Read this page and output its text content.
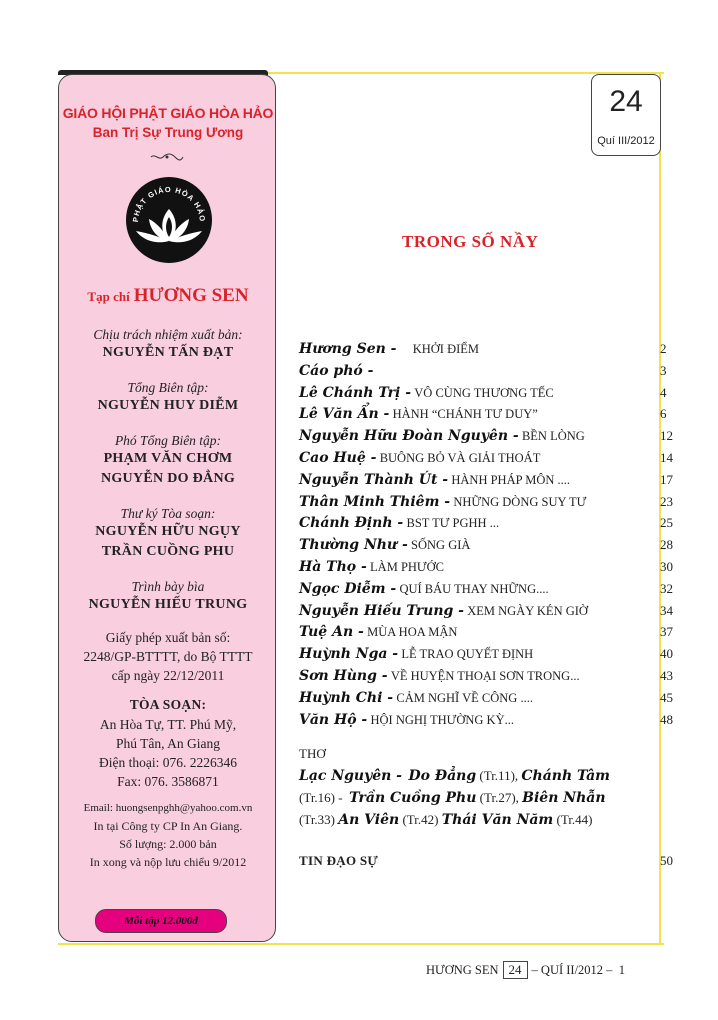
GIÁO HỘI PHẬT GIÁO HÒA HẢO
Ban Trị Sự Trung Ương
PHẬT GIÁO HÒA HẢO
Tạp chí HƯƠNG SEN
Chịu trách nhiệm xuất bản:
NGUYỄN TẤN ĐẠT
Tổng Biên tập:
NGUYỄN HUY DIỄM
Phó Tổng Biên tập:
PHẠM VĂN CHƠM
NGUYỄN DO ĐẲNG
Thư ký Tòa soạn:
NGUYỄN HỮU NGỤY
TRẦN CUỒNG PHU
Trình bày bìa
NGUYỄN HIẾU TRUNG
Giấy phép xuất bản số:
2248/GP-BTTTT, do Bộ TTTT
cấp ngày 22/12/2011
TÒA SOẠN:
An Hòa Tự, TT. Phú Mỹ,
Phú Tân, An Giang
Điện thoại: 076. 2226346
Fax: 076. 3586871
Email: huongsenpghh@yahoo.com.vn
In tại Công ty CP In An Giang.
Số lượng: 2.000 bản
In xong và nộp lưu chiểu 9/2012
Mỗi tập 12.000đ
24
Quí III/2012
TRONG SỐ NẦY
Hương Sen - KHỞI ĐIỂM	2
Cáo phó -	3
Lê Chánh Trị - VÔ CÙNG THƯƠNG TẾC	4
Lê Văn Ẩn - HÀNH “CHÁNH TƯ DUY”	6
Nguyễn Hữu Đoàn Nguyên - BỀN LÒNG	12
Cao Huệ - BUÔNG BỎ VÀ GIẢI THOÁT	14
Nguyễn Thành Út - HÀNH PHÁP MÔN ....	17
Thân Minh Thiêm - NHỮNG DÒNG SUY TƯ	23
Chánh Định - BST TƯ PGHH ...	25
Thường Như - SỐNG GIÀ	28
Hà Thọ - LÀM PHƯỚC	30
Ngọc Diễm - QUÍ BÁU THAY NHỮNG....	32
Nguyễn Hiếu Trung - XEM NGÀY KÉN GIỜ	34
Tuệ An - MÙA HOA MẬN	37
Huỳnh Nga - LỄ TRAO QUYẾT ĐỊNH	40
Sơn Hùng - VỀ HUYỆN THOẠI SƠN TRONG...	43
Huỳnh Chi - CẢM NGHĨ VỀ CÔNG ....	45
Văn Hộ - HỘI NGHỊ THƯỜNG KỲ...	48
THƠ
Lạc Nguyên - Do Đẳng (Tr.11), Chánh Tâm
(Tr.16) - Trần Cuồng Phu (Tr.27), Biên Nhẫn
(Tr.33) An Viên (Tr.42) Thái Văn Năm (Tr.44)
TIN ĐẠO SỰ	50
HƯƠNG SEN 24 – QUÍ II/2012 – 1
